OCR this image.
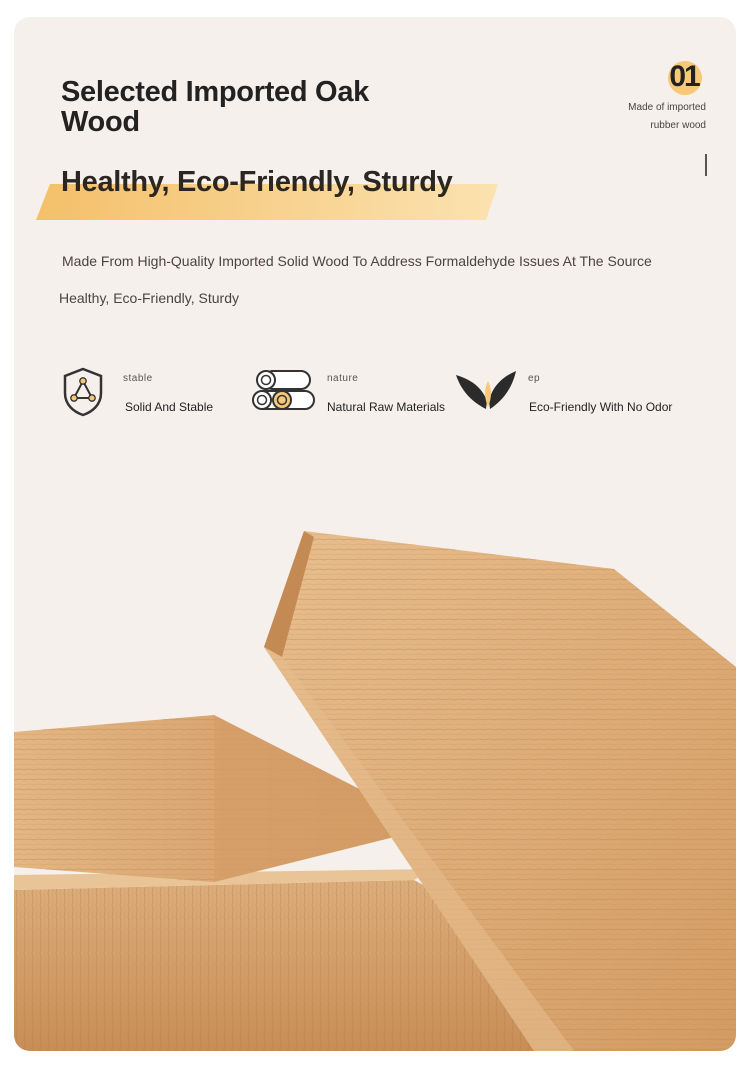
Selected Imported Oak Wood
Healthy, Eco-Friendly, Sturdy
Made From High-Quality Imported Solid Wood To Address Formaldehyde Issues At The Source
Healthy, Eco-Friendly, Sturdy
01
Made of imported
rubber wood
stable
Solid And Stable
nature
Natural Raw Materials
ep
Eco-Friendly With No Odor
